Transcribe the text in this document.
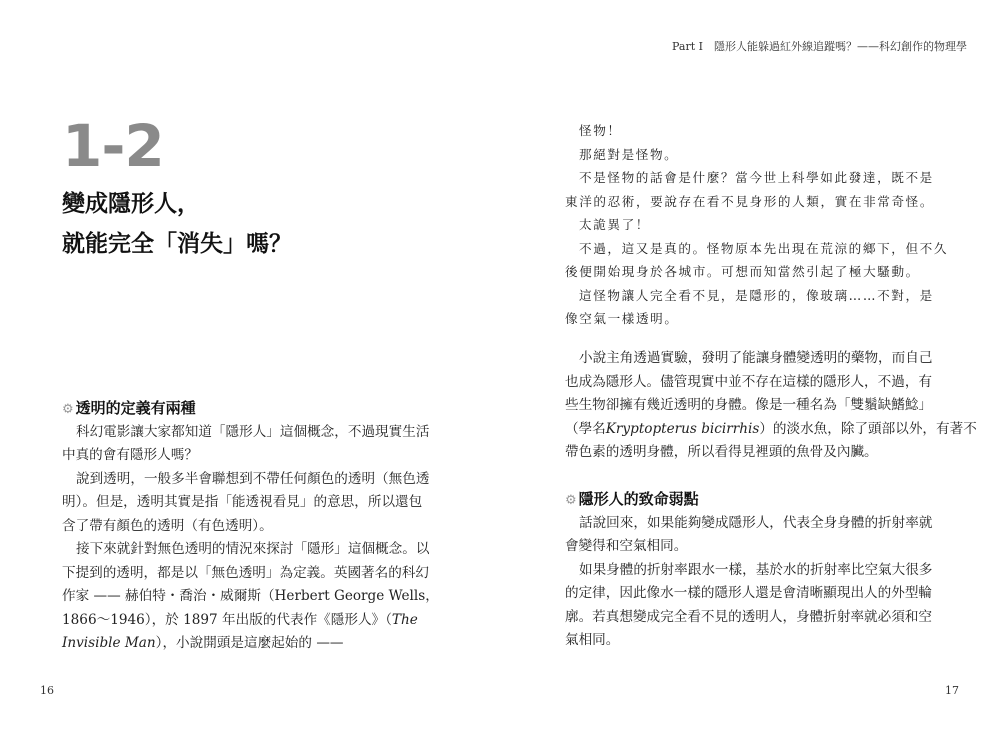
Part I　隱形人能躲過紅外線追蹤嗎？——科幻創作的物理學
16	17
1-2
變成隱形人，
就能完全「消失」嗎？
⚙ 透明的定義有兩種
科幻電影讓大家都知道「隱形人」這個概念，不過現實生活
中真的會有隱形人嗎？
說到透明，一般多半會聯想到不帶任何顏色的透明（無色透
明）。但是，透明其實是指「能透視看見」的意思，所以還包
含了帶有顏色的透明（有色透明）。
接下來就針對無色透明的情況來探討「隱形」這個概念。以
下提到的透明，都是以「無色透明」為定義。英國著名的科幻
作家 —— 赫伯特・喬治・威爾斯（Herbert George Wells，
1866～1946），於 1897 年出版的代表作《隱形人》（The
Invisible Man），小說開頭是這麼起始的 ——
怪物！
那絕對是怪物。
不是怪物的話會是什麼？當今世上科學如此發達，既不是
東洋的忍術，要說存在看不見身形的人類，實在非常奇怪。
太詭異了！
不過，這又是真的。怪物原本先出現在荒涼的鄉下，但不久
後便開始現身於各城市。可想而知當然引起了極大騷動。
這怪物讓人完全看不見，是隱形的，像玻璃……不對，是
像空氣一樣透明。
小說主角透過實驗，發明了能讓身體變透明的藥物，而自己
也成為隱形人。儘管現實中並不存在這樣的隱形人，不過，有
些生物卻擁有幾近透明的身體。像是一種名為「雙鬚缺鰭鯰」
（學名Kryptopterus bicirrhis）的淡水魚，除了頭部以外，有著不
帶色素的透明身體，所以看得見裡頭的魚骨及內臟。
⚙ 隱形人的致命弱點
話說回來，如果能夠變成隱形人，代表全身身體的折射率就
會變得和空氣相同。
如果身體的折射率跟水一樣，基於水的折射率比空氣大很多
的定律，因此像水一樣的隱形人還是會清晰顯現出人的外型輪
廓。若真想變成完全看不見的透明人，身體折射率就必須和空
氣相同。
